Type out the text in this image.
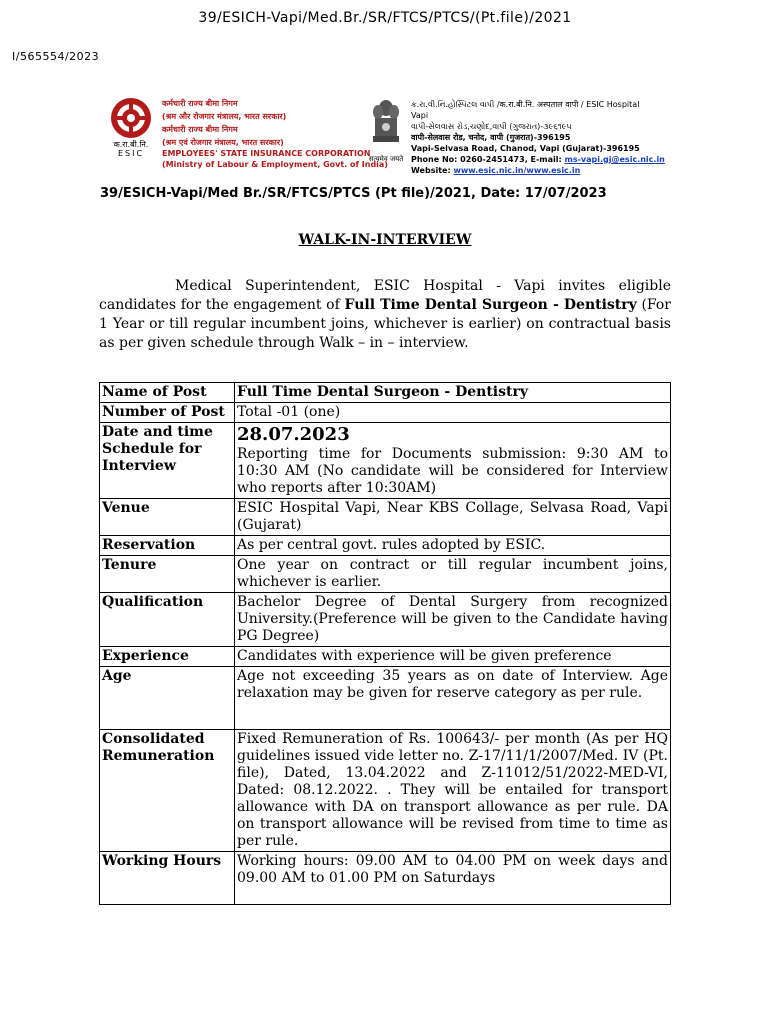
39/ESICH-Vapi/Med.Br./SR/FTCS/PTCS/(Pt.file)/2021
I/565554/2023
क.रा.बी.नि.
ESIC
कर्मचारी राज्य बीमा निगम
(श्रम और रोजगार मंत्रालय, भारत सरकार)
कर्मचारी राज्य बीमा निगम
(श्रम एवं रोजगार मंत्रालय, भारत सरकार)
EMPLOYEES' STATE INSURANCE CORPORATION
(Ministry of Labour & Employment, Govt. of India)
सत्यमेव जयते
ક.રા.વી.નિ.હોસ્પિટલ વાપી /क.रा.बी.नि. अस्पताल वापी / ESIC Hospital
Vapi
વાપી-સેલવાસ રોડ,ચણોદ,વાપી (ગુજરાત)-૩૯૬૧૯૫
वापी-सेलवास रोड, चनोद, वापी (गुजरात)-396195
Vapi-Selvasa Road, Chanod, Vapi (Gujarat)-396195
Phone No: 0260-2451473, E-mail: ms-vapi.gj@esic.nic.in
Website: www.esic.nic.in/www.esic.in
39/ESICH-Vapi/Med Br./SR/FTCS/PTCS (Pt file)/2021, Date: 17/07/2023
WALK-IN-INTERVIEW
Medical Superintendent, ESIC Hospital - Vapi invites eligible candidates for the engagement of Full Time Dental Surgeon - Dentistry (For 1 Year or till regular incumbent joins, whichever is earlier) on contractual basis as per given schedule through Walk – in – interview.
Name of Post	Full Time Dental Surgeon - Dentistry
Number of Post	Total -01 (one)
Date and time Schedule for Interview	28.07.2023
Reporting time for Documents submission: 9:30 AM to 10:30 AM (No candidate will be considered for Interview who reports after 10:30AM)

Venue	ESIC Hospital Vapi, Near KBS Collage, Selvasa Road, Vapi (Gujarat)
Reservation	As per central govt. rules adopted by ESIC.
Tenure	One year on contract or till regular incumbent joins, whichever is earlier.
Qualification	Bachelor Degree of Dental Surgery from recognized University.(Preference will be given to the Candidate having PG Degree)
Experience	Candidates with experience will be given preference
Age	Age not exceeding 35 years as on date of Interview. Age relaxation may be given for reserve category as per rule.
Consolidated Remuneration	Fixed Remuneration of Rs. 100643/- per month (As per HQ guidelines issued vide letter no. Z-17/11/1/2007/Med. IV (Pt. file), Dated, 13.04.2022 and Z-11012/51/2022-MED-VI, Dated: 08.12.2022. . They will be entailed for transport allowance with DA on transport allowance as per rule. DA on transport allowance will be revised from time to time as per rule.
Working Hours	Working hours: 09.00 AM to 04.00 PM on week days and 09.00 AM to 01.00 PM on Saturdays
